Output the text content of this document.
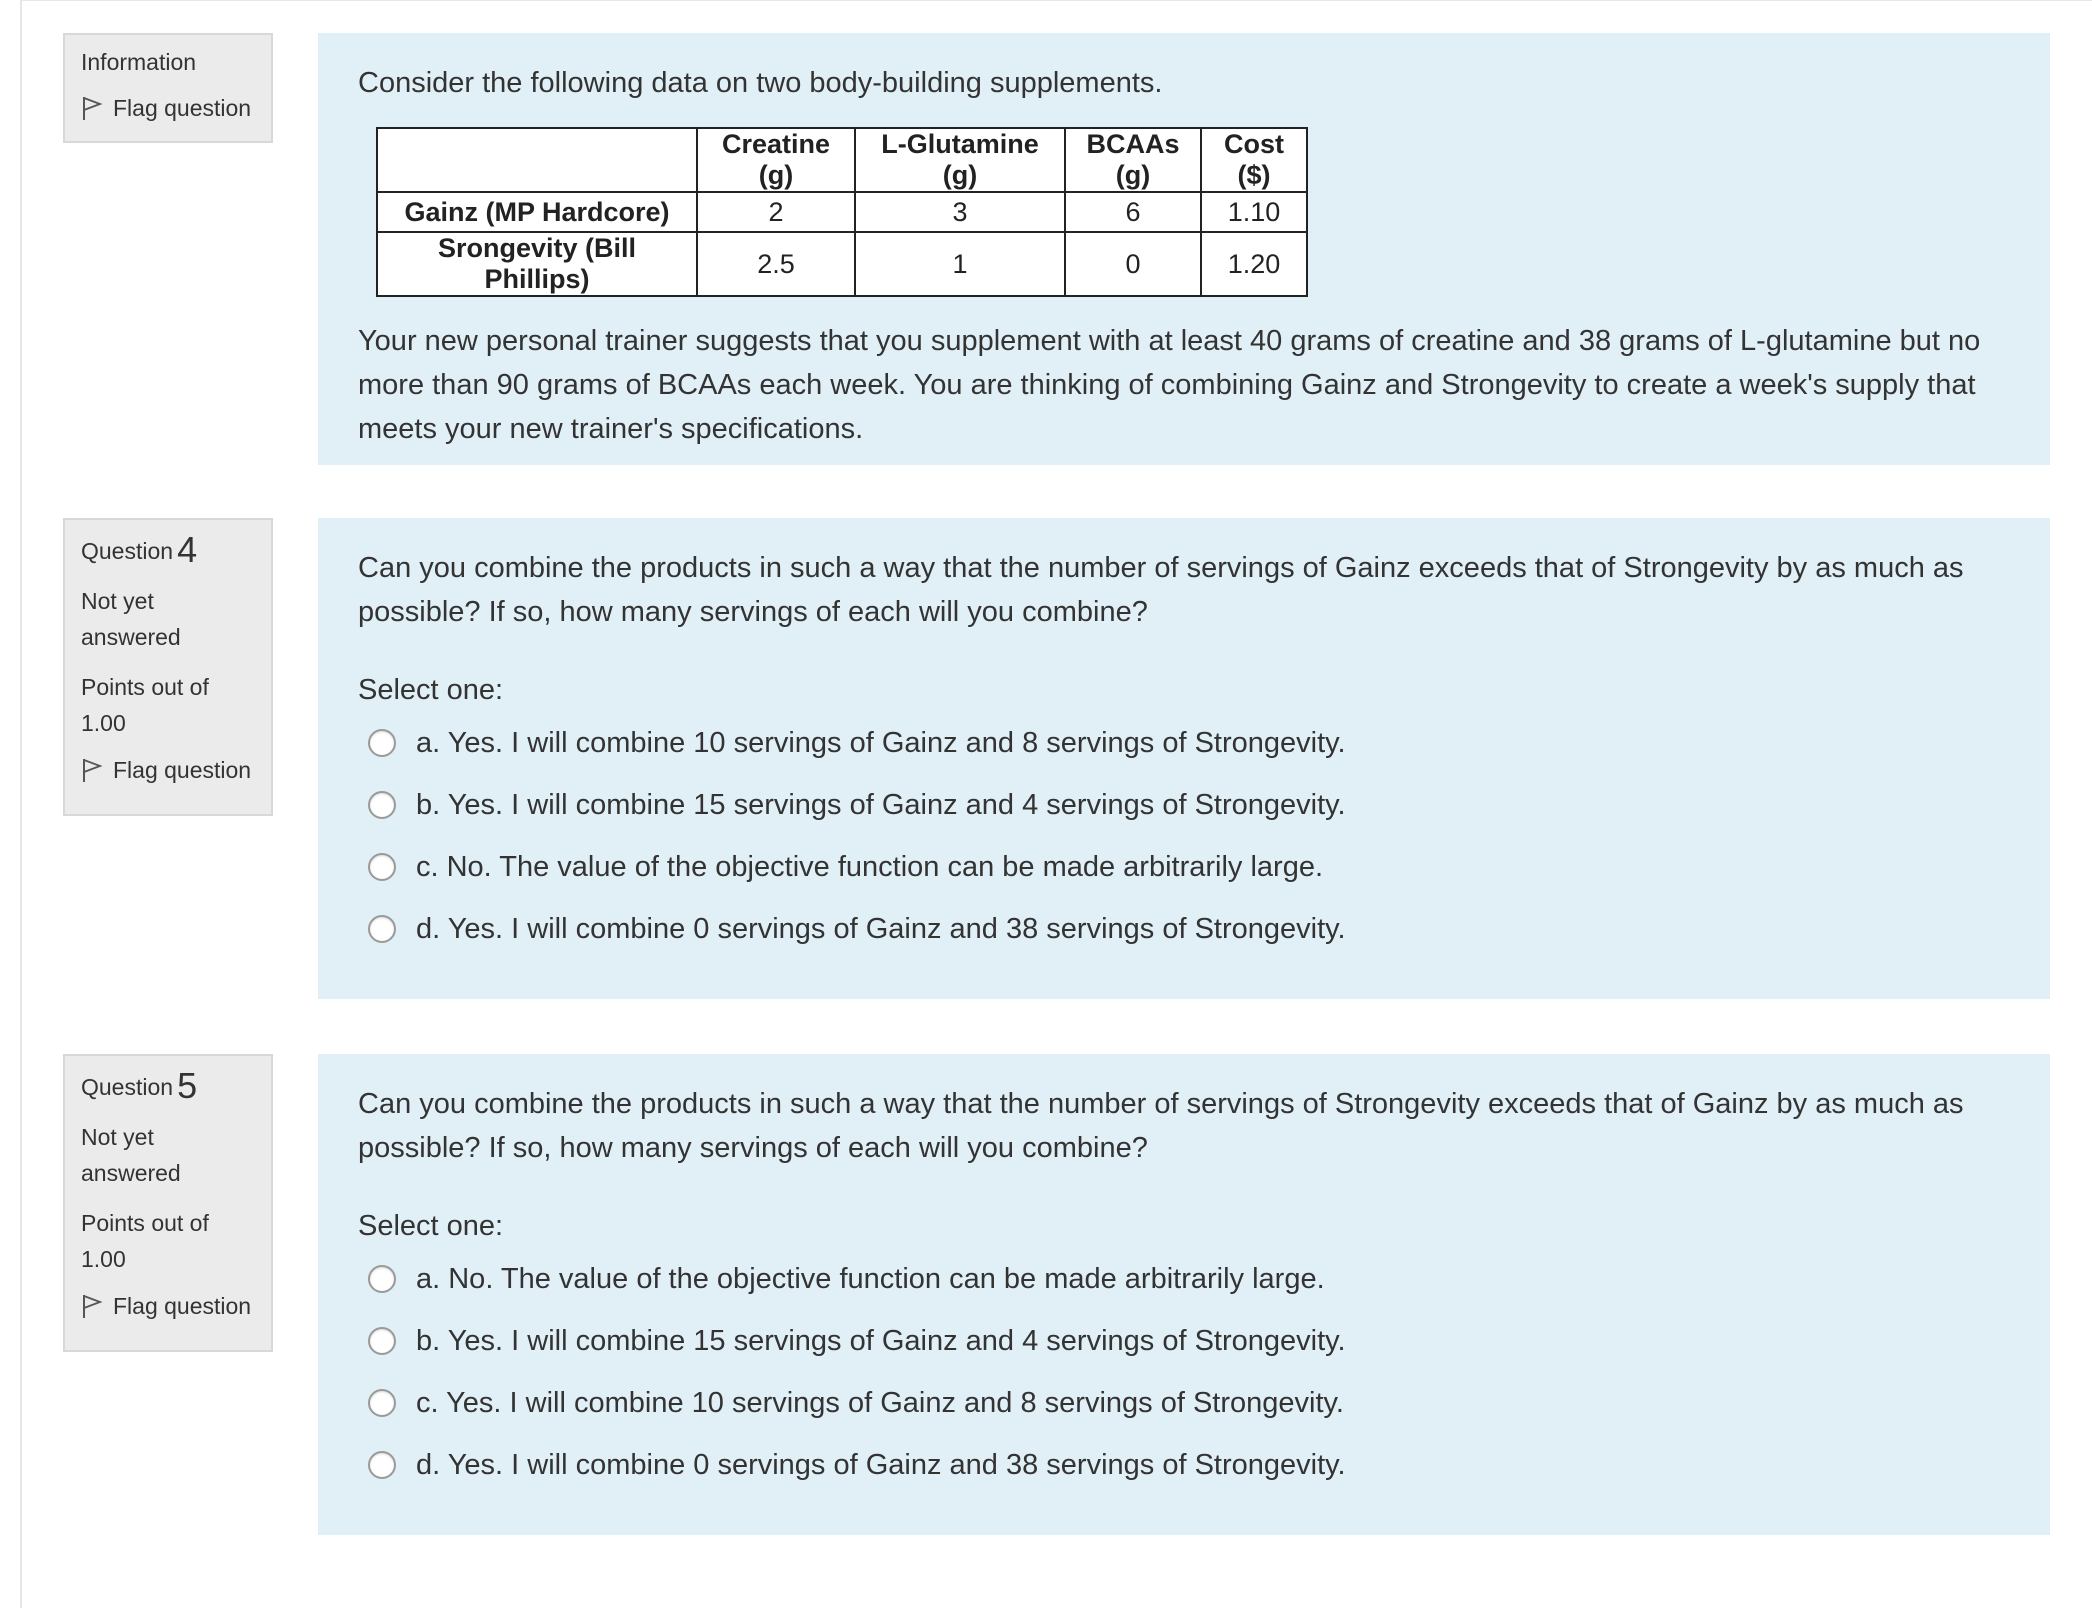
Information
Flag question
Consider the following data on two body-building supplements.
	Creatine (g)	L-Glutamine (g)	BCAAs (g)	Cost ($)
Gainz (MP Hardcore)	2	3	6	1.10
Srongevity (Bill Phillips)	2.5	1	0	1.20
Your new personal trainer suggests that you supplement with at least 40 grams of creatine and 38 grams of L-glutamine but no more than 90 grams of BCAAs each week. You are thinking of combining Gainz and Strongevity to create a week's supply that meets your new trainer's specifications.
Question 4
Not yet
answered
Points out of
1.00
Flag question
Can you combine the products in such a way that the number of servings of Gainz exceeds that of Strongevity by as much as possible? If so, how many servings of each will you combine?
Select one:
a. Yes. I will combine 10 servings of Gainz and 8 servings of Strongevity.
b. Yes. I will combine 15 servings of Gainz and 4 servings of Strongevity.
c. No. The value of the objective function can be made arbitrarily large.
d. Yes. I will combine 0 servings of Gainz and 38 servings of Strongevity.
Question 5
Not yet
answered
Points out of
1.00
Flag question
Can you combine the products in such a way that the number of servings of Strongevity exceeds that of Gainz by as much as possible? If so, how many servings of each will you combine?
Select one:
a. No. The value of the objective function can be made arbitrarily large.
b. Yes. I will combine 15 servings of Gainz and 4 servings of Strongevity.
c. Yes. I will combine 10 servings of Gainz and 8 servings of Strongevity.
d. Yes. I will combine 0 servings of Gainz and 38 servings of Strongevity.
